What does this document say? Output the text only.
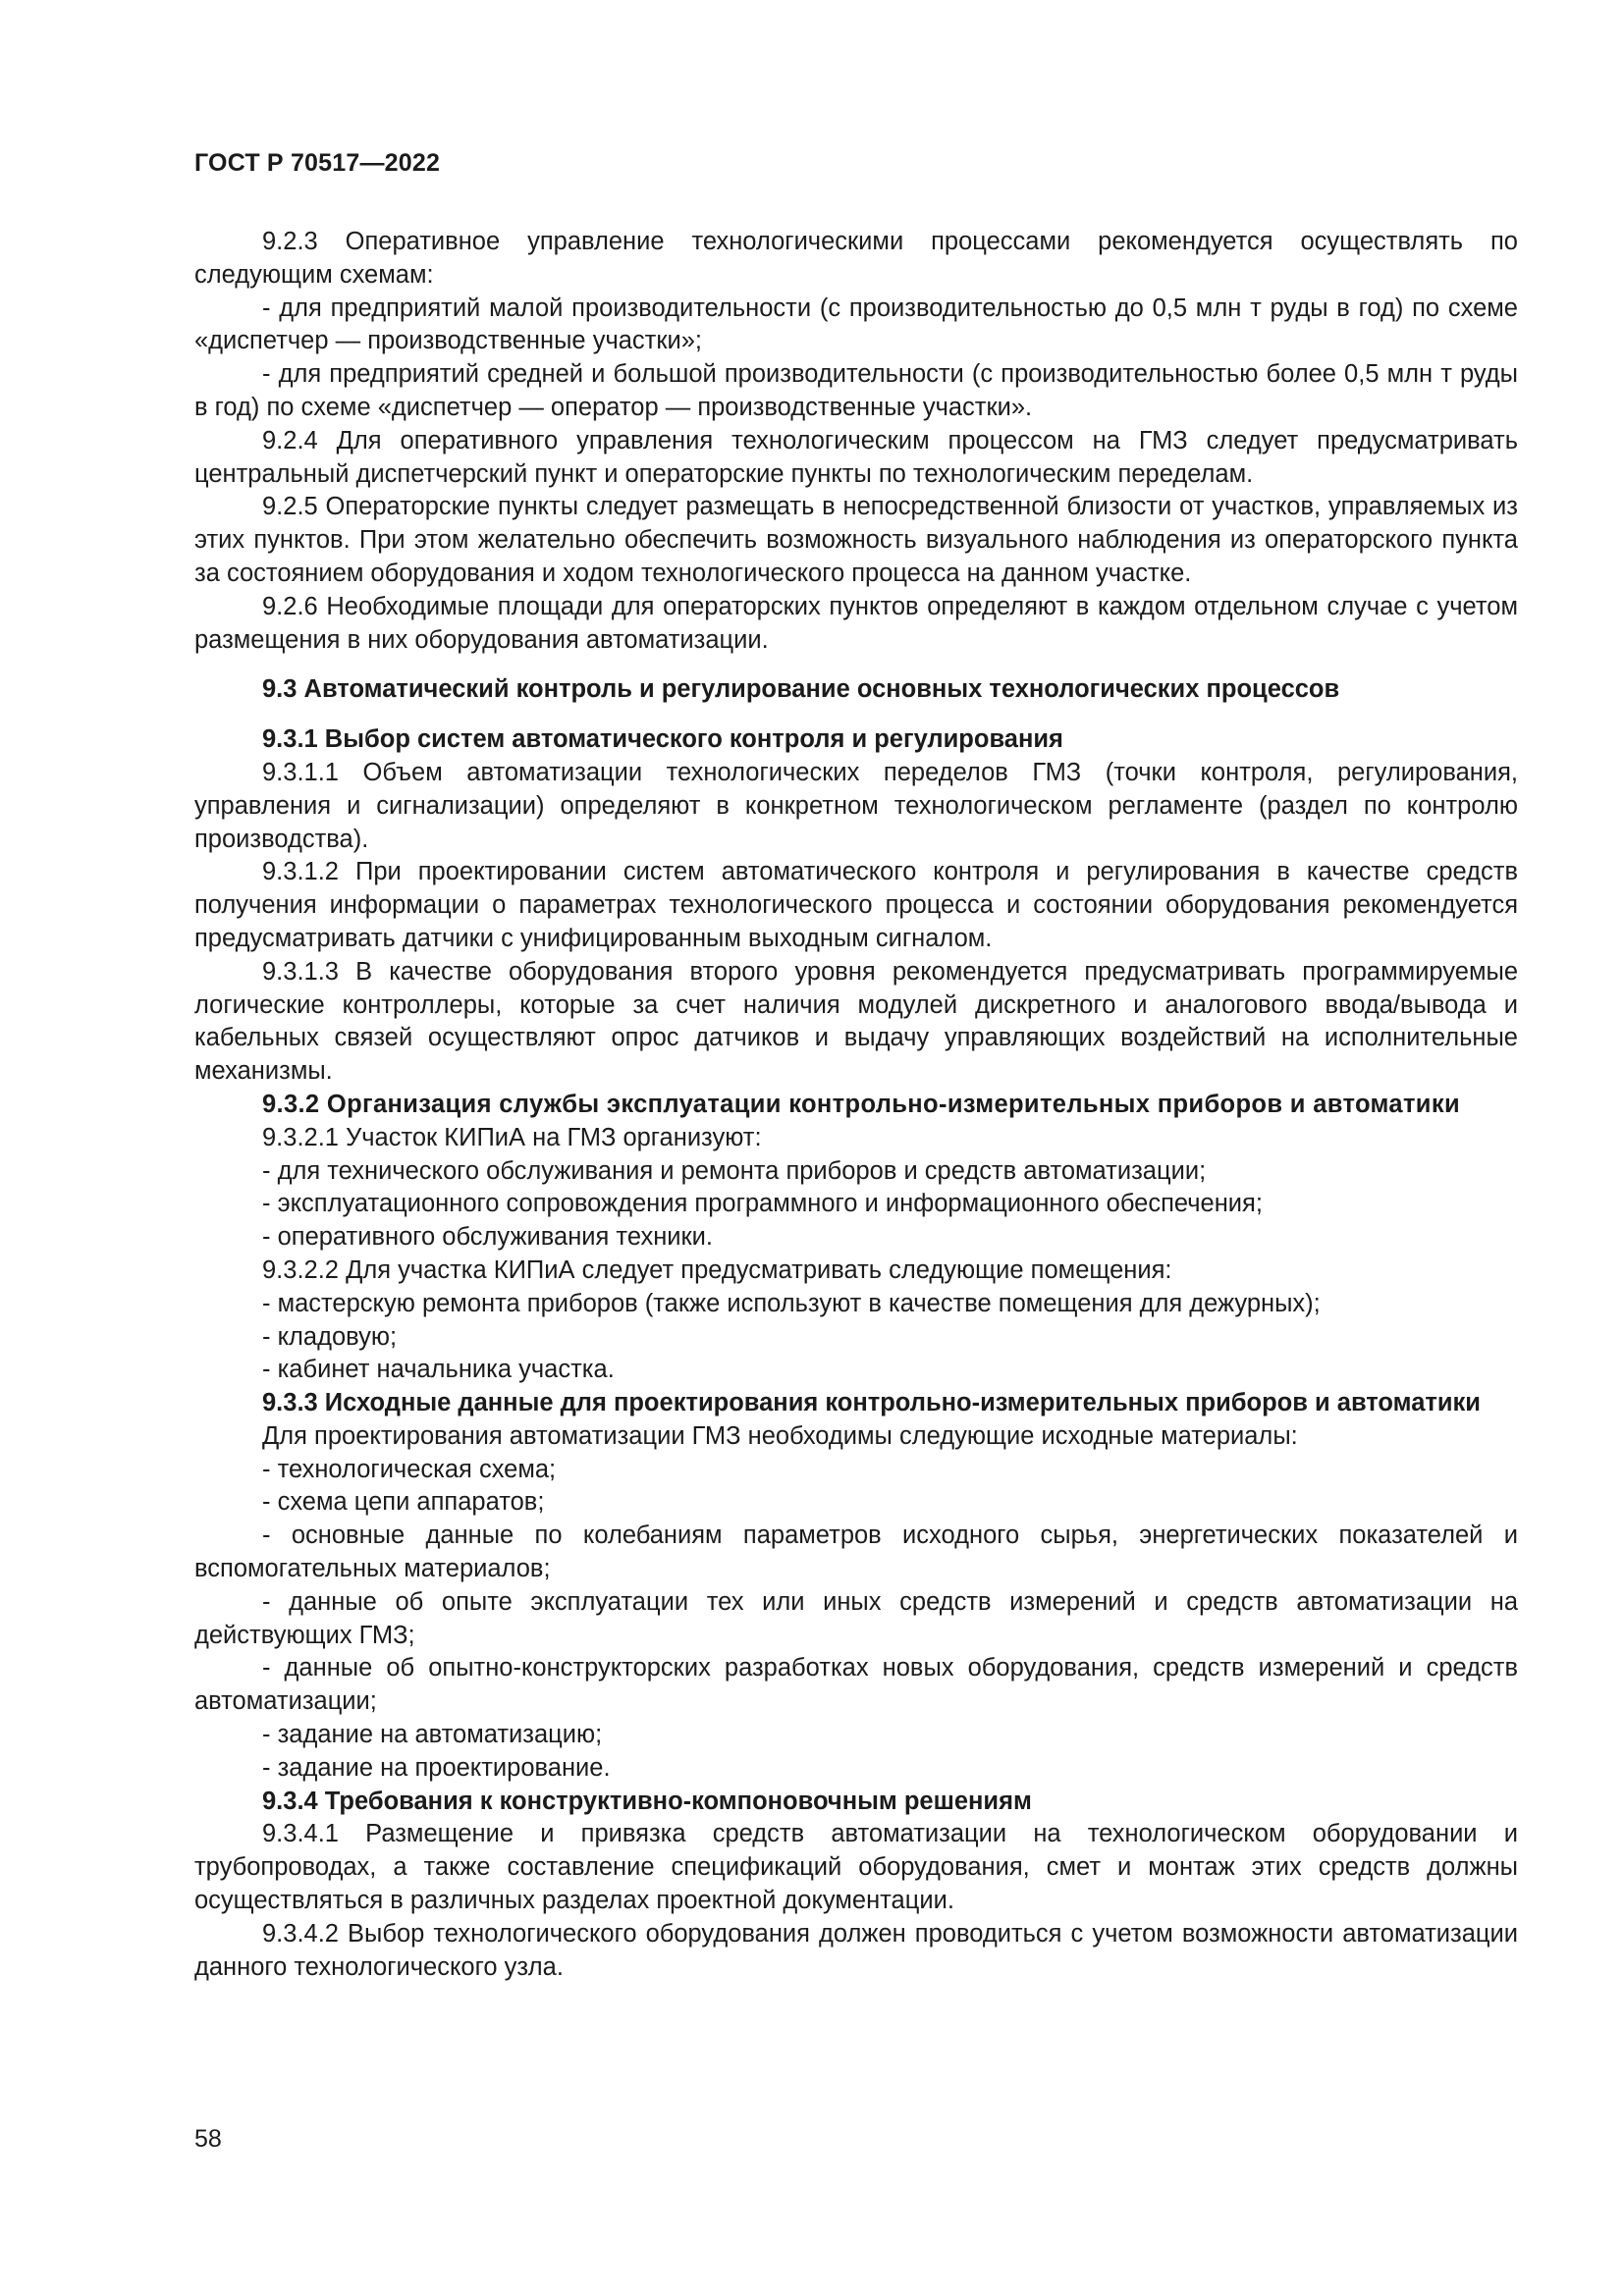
ГОСТ Р 70517—2022

9.2.3 Оперативное управление технологическими процессами рекомендуется осуществлять по следующим схемам:

- для предприятий малой производительности (с производительностью до 0,5 млн т руды в год) по схеме «диспетчер — производственные участки»;

- для предприятий средней и большой производительности (с производительностью более 0,5 млн т руды в год) по схеме «диспетчер — оператор — производственные участки».

9.2.4 Для оперативного управления технологическим процессом на ГМЗ следует предусматривать центральный диспетчерский пункт и операторские пункты по технологическим переделам.

9.2.5 Операторские пункты следует размещать в непосредственной близости от участков, управляемых из этих пунктов. При этом желательно обеспечить возможность визуального наблюдения из операторского пункта за состоянием оборудования и ходом технологического процесса на данном участке.

9.2.6 Необходимые площади для операторских пунктов определяют в каждом отдельном случае с учетом размещения в них оборудования автоматизации.

9.3 Автоматический контроль и регулирование основных технологических процессов

9.3.1 Выбор систем автоматического контроля и регулирования

9.3.1.1 Объем автоматизации технологических переделов ГМЗ (точки контроля, регулирования, управления и сигнализации) определяют в конкретном технологическом регламенте (раздел по контролю производства).

9.3.1.2 При проектировании систем автоматического контроля и регулирования в качестве средств получения информации о параметрах технологического процесса и состоянии оборудования рекомендуется предусматривать датчики с унифицированным выходным сигналом.

9.3.1.3 В качестве оборудования второго уровня рекомендуется предусматривать программируемые логические контроллеры, которые за счет наличия модулей дискретного и аналогового ввода/вывода и кабельных связей осуществляют опрос датчиков и выдачу управляющих воздействий на исполнительные механизмы.

9.3.2 Организация службы эксплуатации контрольно-измерительных приборов и автоматики

9.3.2.1 Участок КИПиА на ГМЗ организуют:

- для технического обслуживания и ремонта приборов и средств автоматизации;

- эксплуатационного сопровождения программного и информационного обеспечения;

- оперативного обслуживания техники.

9.3.2.2 Для участка КИПиА следует предусматривать следующие помещения:

- мастерскую ремонта приборов (также используют в качестве помещения для дежурных);

- кладовую;

- кабинет начальника участка.

9.3.3 Исходные данные для проектирования контрольно-измерительных приборов и автоматики

Для проектирования автоматизации ГМЗ необходимы следующие исходные материалы:

- технологическая схема;

- схема цепи аппаратов;

- основные данные по колебаниям параметров исходного сырья, энергетических показателей и вспомогательных материалов;

- данные об опыте эксплуатации тех или иных средств измерений и средств автоматизации на действующих ГМЗ;

- данные об опытно-конструкторских разработках новых оборудования, средств измерений и средств автоматизации;

- задание на автоматизацию;

- задание на проектирование.

9.3.4 Требования к конструктивно-компоновочным решениям

9.3.4.1 Размещение и привязка средств автоматизации на технологическом оборудовании и трубопроводах, а также составление спецификаций оборудования, смет и монтаж этих средств должны осуществляться в различных разделах проектной документации.

9.3.4.2 Выбор технологического оборудования должен проводиться с учетом возможности автоматизации данного технологического узла.

58
